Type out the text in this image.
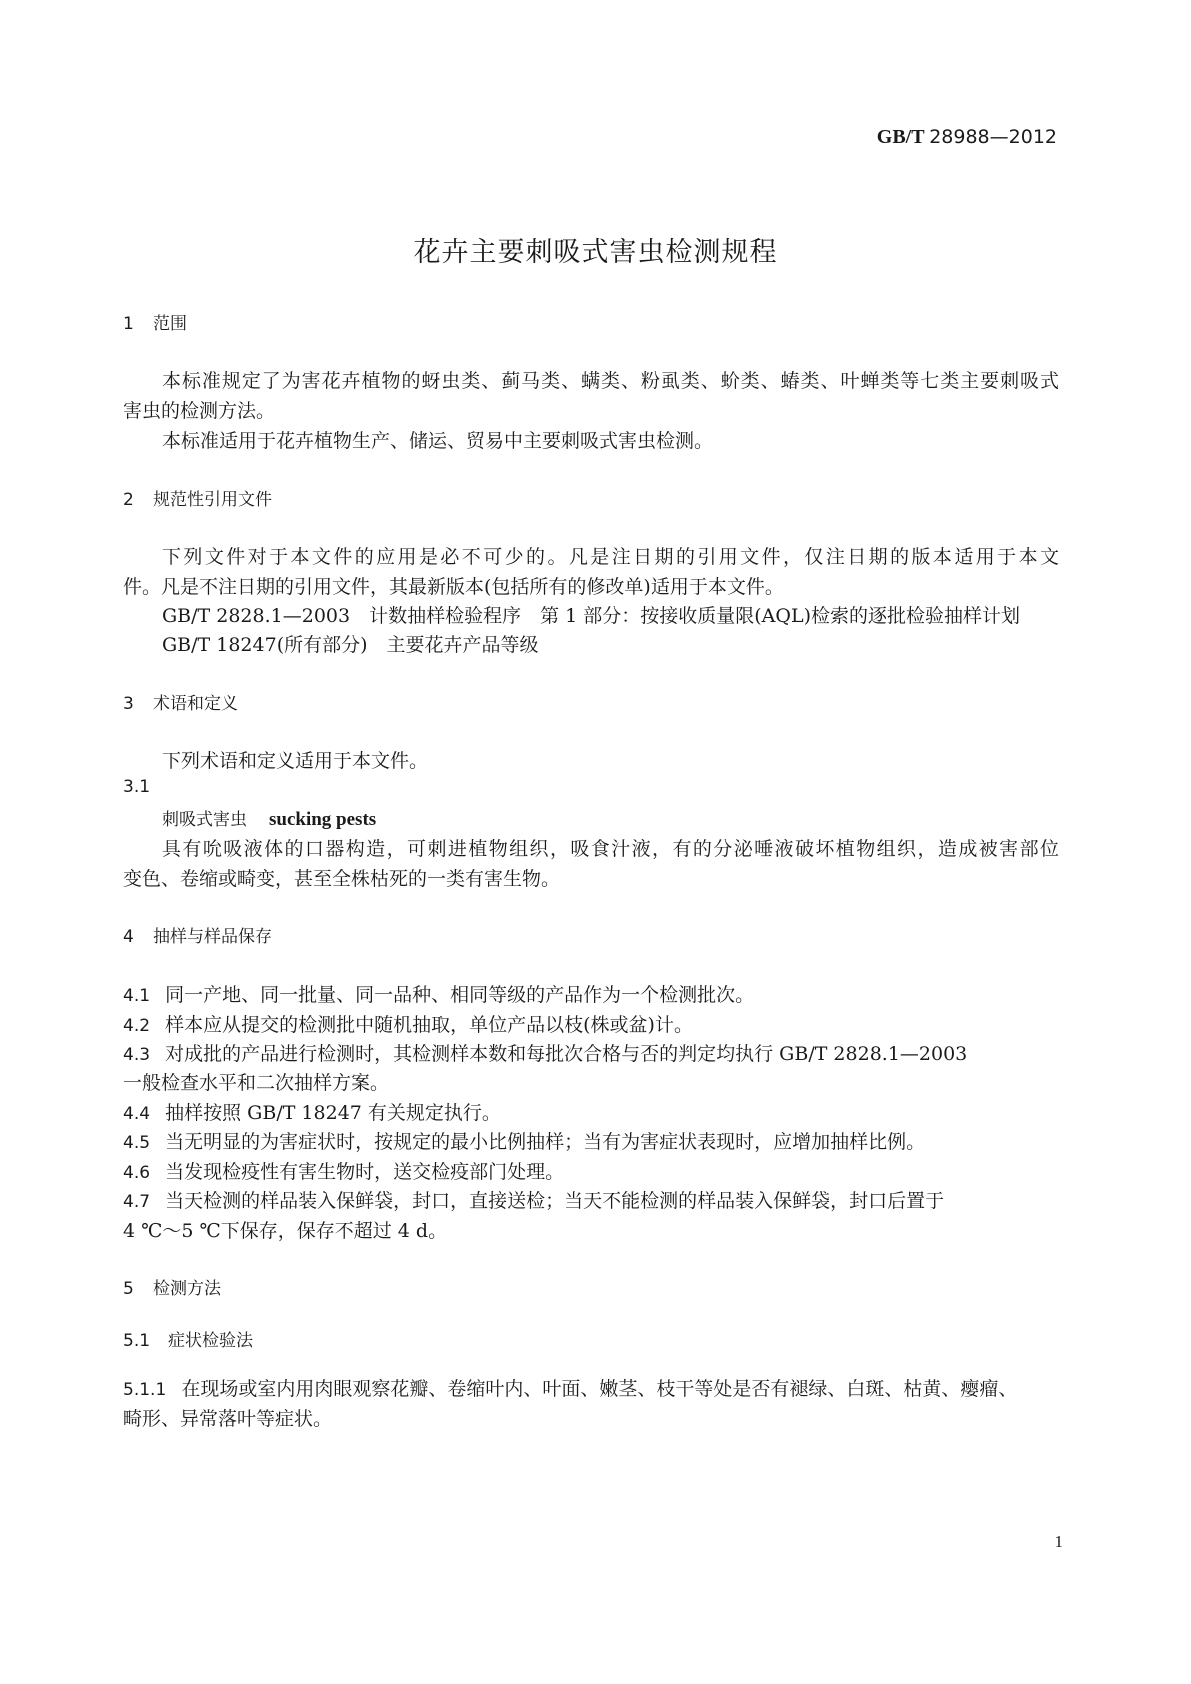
GB/T 28988—2012
花卉主要刺吸式害虫检测规程
1 范围
本标准规定了为害花卉植物的蚜虫类、蓟马类、螨类、粉虱类、蚧类、蝽类、叶蝉类等七类主要刺吸式
害虫的检测方法。
本标准适用于花卉植物生产、储运、贸易中主要刺吸式害虫检测。
2 规范性引用文件
下列文件对于本文件的应用是必不可少的。凡是注日期的引用文件，仅注日期的版本适用于本文
件。凡是不注日期的引用文件，其最新版本(包括所有的修改单)适用于本文件。
GB/T 2828.1—2003　计数抽样检验程序　第 1 部分：按接收质量限(AQL)检索的逐批检验抽样计划
GB/T 18247(所有部分)　主要花卉产品等级
3 术语和定义
下列术语和定义适用于本文件。
3.1
刺吸式害虫 sucking pests
具有吮吸液体的口器构造，可刺进植物组织，吸食汁液，有的分泌唾液破坏植物组织，造成被害部位
变色、卷缩或畸变，甚至全株枯死的一类有害生物。
4 抽样与样品保存
4.1 同一产地、同一批量、同一品种、相同等级的产品作为一个检测批次。
4.2 样本应从提交的检测批中随机抽取，单位产品以枝(株或盆)计。
4.3 对成批的产品进行检测时，其检测样本数和每批次合格与否的判定均执行 GB/T 2828.1—2003
一般检查水平和二次抽样方案。
4.4 抽样按照 GB/T 18247 有关规定执行。
4.5 当无明显的为害症状时，按规定的最小比例抽样；当有为害症状表现时，应增加抽样比例。
4.6 当发现检疫性有害生物时，送交检疫部门处理。
4.7 当天检测的样品装入保鲜袋，封口，直接送检；当天不能检测的样品装入保鲜袋，封口后置于
4 ℃～5 ℃下保存，保存不超过 4 d。
5 检测方法
5.1 症状检验法
5.1.1 在现场或室内用肉眼观察花瓣、卷缩叶内、叶面、嫩茎、枝干等处是否有褪绿、白斑、枯黄、瘿瘤、
畸形、异常落叶等症状。
1
